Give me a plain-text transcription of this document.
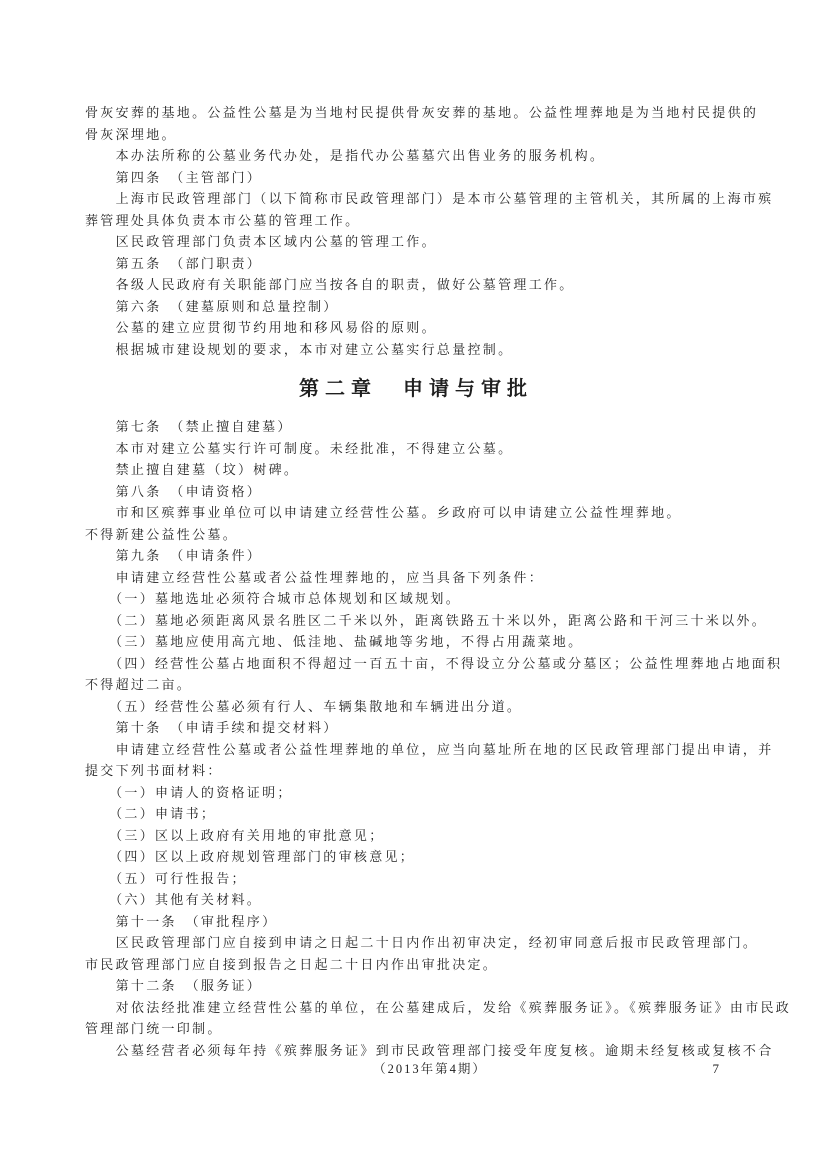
骨灰安葬的基地。公益性公墓是为当地村民提供骨灰安葬的基地。公益性埋葬地是为当地村民提供的
骨灰深埋地。
　　本办法所称的公墓业务代办处，是指代办公墓墓穴出售业务的服务机构。
　　第四条　（主管部门）
　　上海市民政管理部门（以下简称市民政管理部门）是本市公墓管理的主管机关，其所属的上海市殡
葬管理处具体负责本市公墓的管理工作。
　　区民政管理部门负责本区域内公墓的管理工作。
　　第五条　（部门职责）
　　各级人民政府有关职能部门应当按各自的职责，做好公墓管理工作。
　　第六条　（建墓原则和总量控制）
　　公墓的建立应贯彻节约用地和移风易俗的原则。
　　根据城市建设规划的要求，本市对建立公墓实行总量控制。
第二章　申请与审批
　　第七条　（禁止擅自建墓）
　　本市对建立公墓实行许可制度。未经批准，不得建立公墓。
　　禁止擅自建墓（坟）树碑。
　　第八条　（申请资格）
　　市和区殡葬事业单位可以申请建立经营性公墓。乡政府可以申请建立公益性埋葬地。
不得新建公益性公墓。
　　第九条　（申请条件）
　　申请建立经营性公墓或者公益性埋葬地的，应当具备下列条件：
　　（一）墓地选址必须符合城市总体规划和区域规划。
　　（二）墓地必须距离风景名胜区二千米以外，距离铁路五十米以外，距离公路和干河三十米以外。
　　（三）墓地应使用高亢地、低洼地、盐碱地等劣地，不得占用蔬菜地。
　　（四）经营性公墓占地面积不得超过一百五十亩，不得设立分公墓或分墓区；公益性埋葬地占地面积
不得超过二亩。
　　（五）经营性公墓必须有行人、车辆集散地和车辆进出分道。
　　第十条　（申请手续和提交材料）
　　申请建立经营性公墓或者公益性埋葬地的单位，应当向墓址所在地的区民政管理部门提出申请，并
提交下列书面材料：
　　（一）申请人的资格证明；
　　（二）申请书；
　　（三）区以上政府有关用地的审批意见；
　　（四）区以上政府规划管理部门的审核意见；
　　（五）可行性报告；
　　（六）其他有关材料。
　　第十一条　（审批程序）
　　区民政管理部门应自接到申请之日起二十日内作出初审决定，经初审同意后报市民政管理部门。
市民政管理部门应自接到报告之日起二十日内作出审批决定。
　　第十二条　（服务证）
　　对依法经批准建立经营性公墓的单位，在公墓建成后，发给《殡葬服务证》。《殡葬服务证》由市民政
管理部门统一印制。
　　公墓经营者必须每年持《殡葬服务证》到市民政管理部门接受年度复核。逾期未经复核或复核不合
（2013年第4期）	7
